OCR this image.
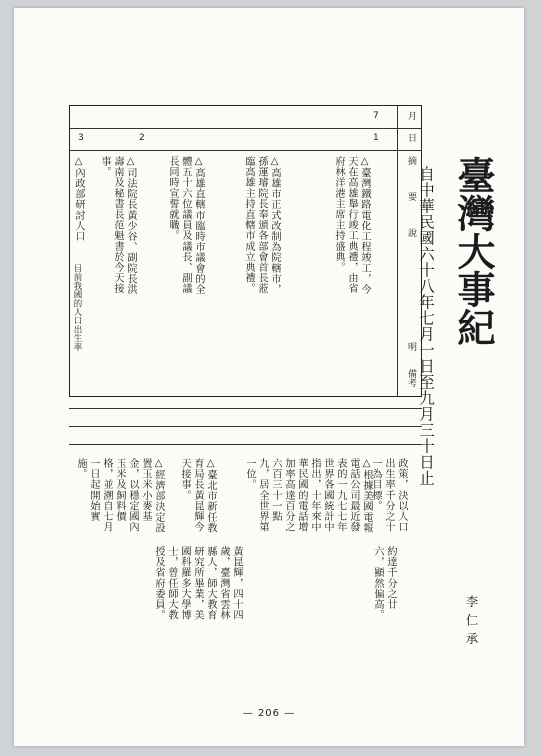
臺灣大事紀
自中華民國六十八年七月一日至九月三十日止
李仁承
月
日
摘　　　要　　　說
明　　備考
7
1
2
3
△臺灣鐵路電化工程竣工，今天在高雄舉行竣工典禮，由省府林洋港主席主持盛典。
△高雄市正式改制為院轄市，孫運璿院長奉頒各部會首長蒞臨高雄主持直轄市成立典禮。
△高雄直轄市臨時市議會的全體五十六位議員及議長、副議長同時宣誓就職。
△司法院長黃少谷、副院長洪壽南及秘書長范魁書於今天接事。
△內政部研討人口
目前我國的人口出生率
政策，決以人口出生率千分之十一為目標。
約達千分之廿六，顯然偏高。
△根據美國電報電話公司最近發表的一九七七年世界各國統計中指出，十年來中華民國的電話增加率高達百分之六百三十一點九，居全世界第一位。
△臺北市新任教育局長黃昆輝今天接事。
黃昆輝，四十四歲，臺灣省雲林縣人，師大教育研究所畢業，美國科羅多大學博士，曾任師大教授及省府委員。
△經濟部決定設置玉米小麥基金，以穩定國內玉米及飼料價格，並溯自七月一日起開始實施。
— 206 —
